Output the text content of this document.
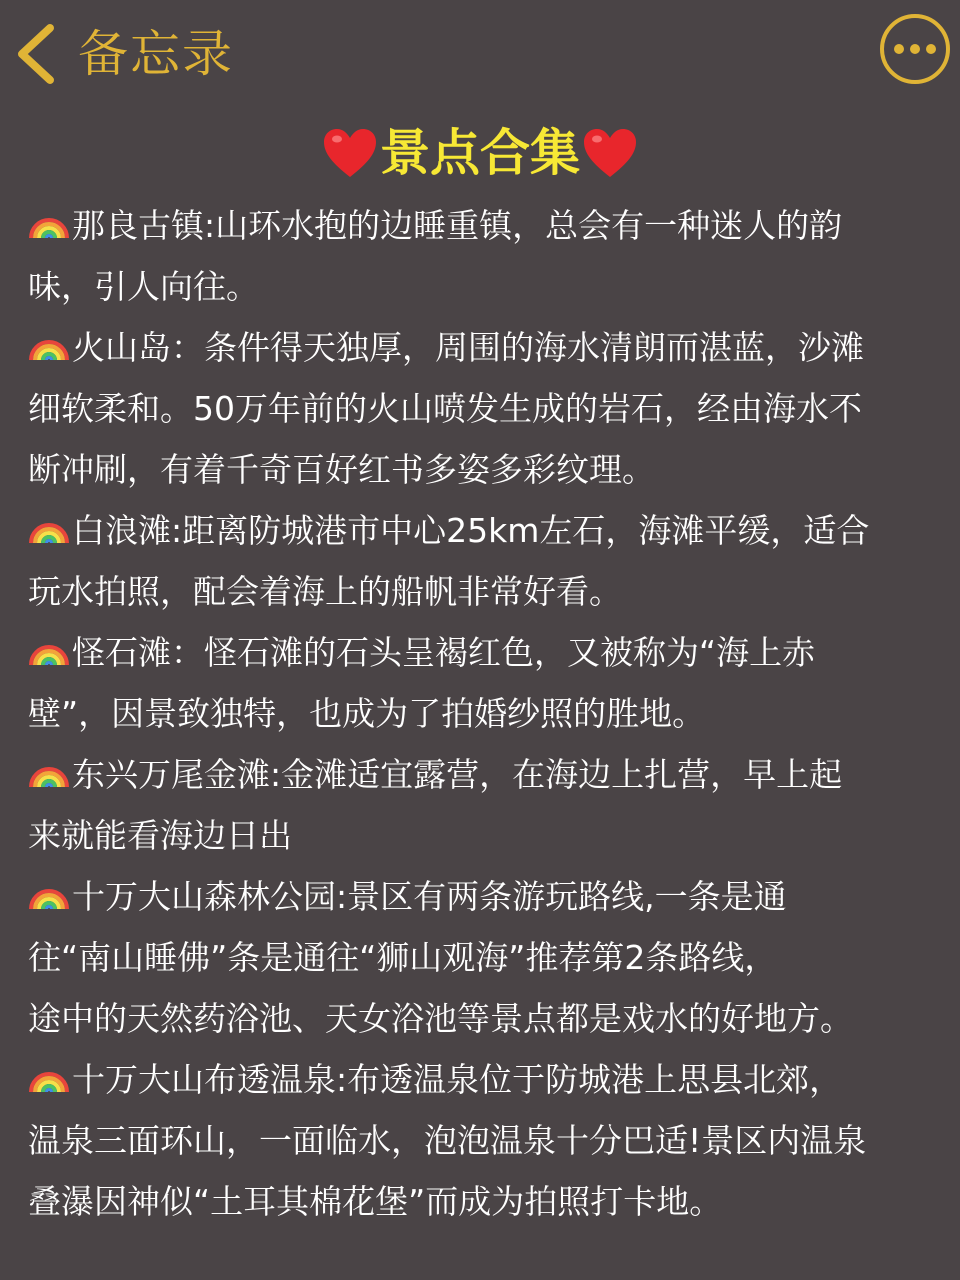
备忘录
景点合集
那良古镇:山环水抱的边睡重镇，总会有一种迷人的韵
味，引人向往。
火山岛：条件得天独厚，周围的海水清朗而湛蓝，沙滩
细软柔和。50万年前的火山喷发生成的岩石，经由海水不
断冲刷，有着千奇百好红书多姿多彩纹理。
白浪滩:距离防城港市中心25km左石，海滩平缓，适合
玩水拍照，配会着海上的船帆非常好看。
怪石滩：怪石滩的石头呈褐红色，又被称为“海上赤
壁”，因景致独特，也成为了拍婚纱照的胜地。
东兴万尾金滩:金滩适宜露营，在海边上扎营，早上起
来就能看海边日出
十万大山森林公园:景区有两条游玩路线,一条是通
往“南山睡佛”条是通往“狮山观海”推荐第2条路线，
途中的天然药浴池、天女浴池等景点都是戏水的好地方。
十万大山布透温泉:布透温泉位于防城港上思县北郊，
温泉三面环山，一面临水，泡泡温泉十分巴适!景区内温泉
叠瀑因神似“土耳其棉花堡”而成为拍照打卡地。
